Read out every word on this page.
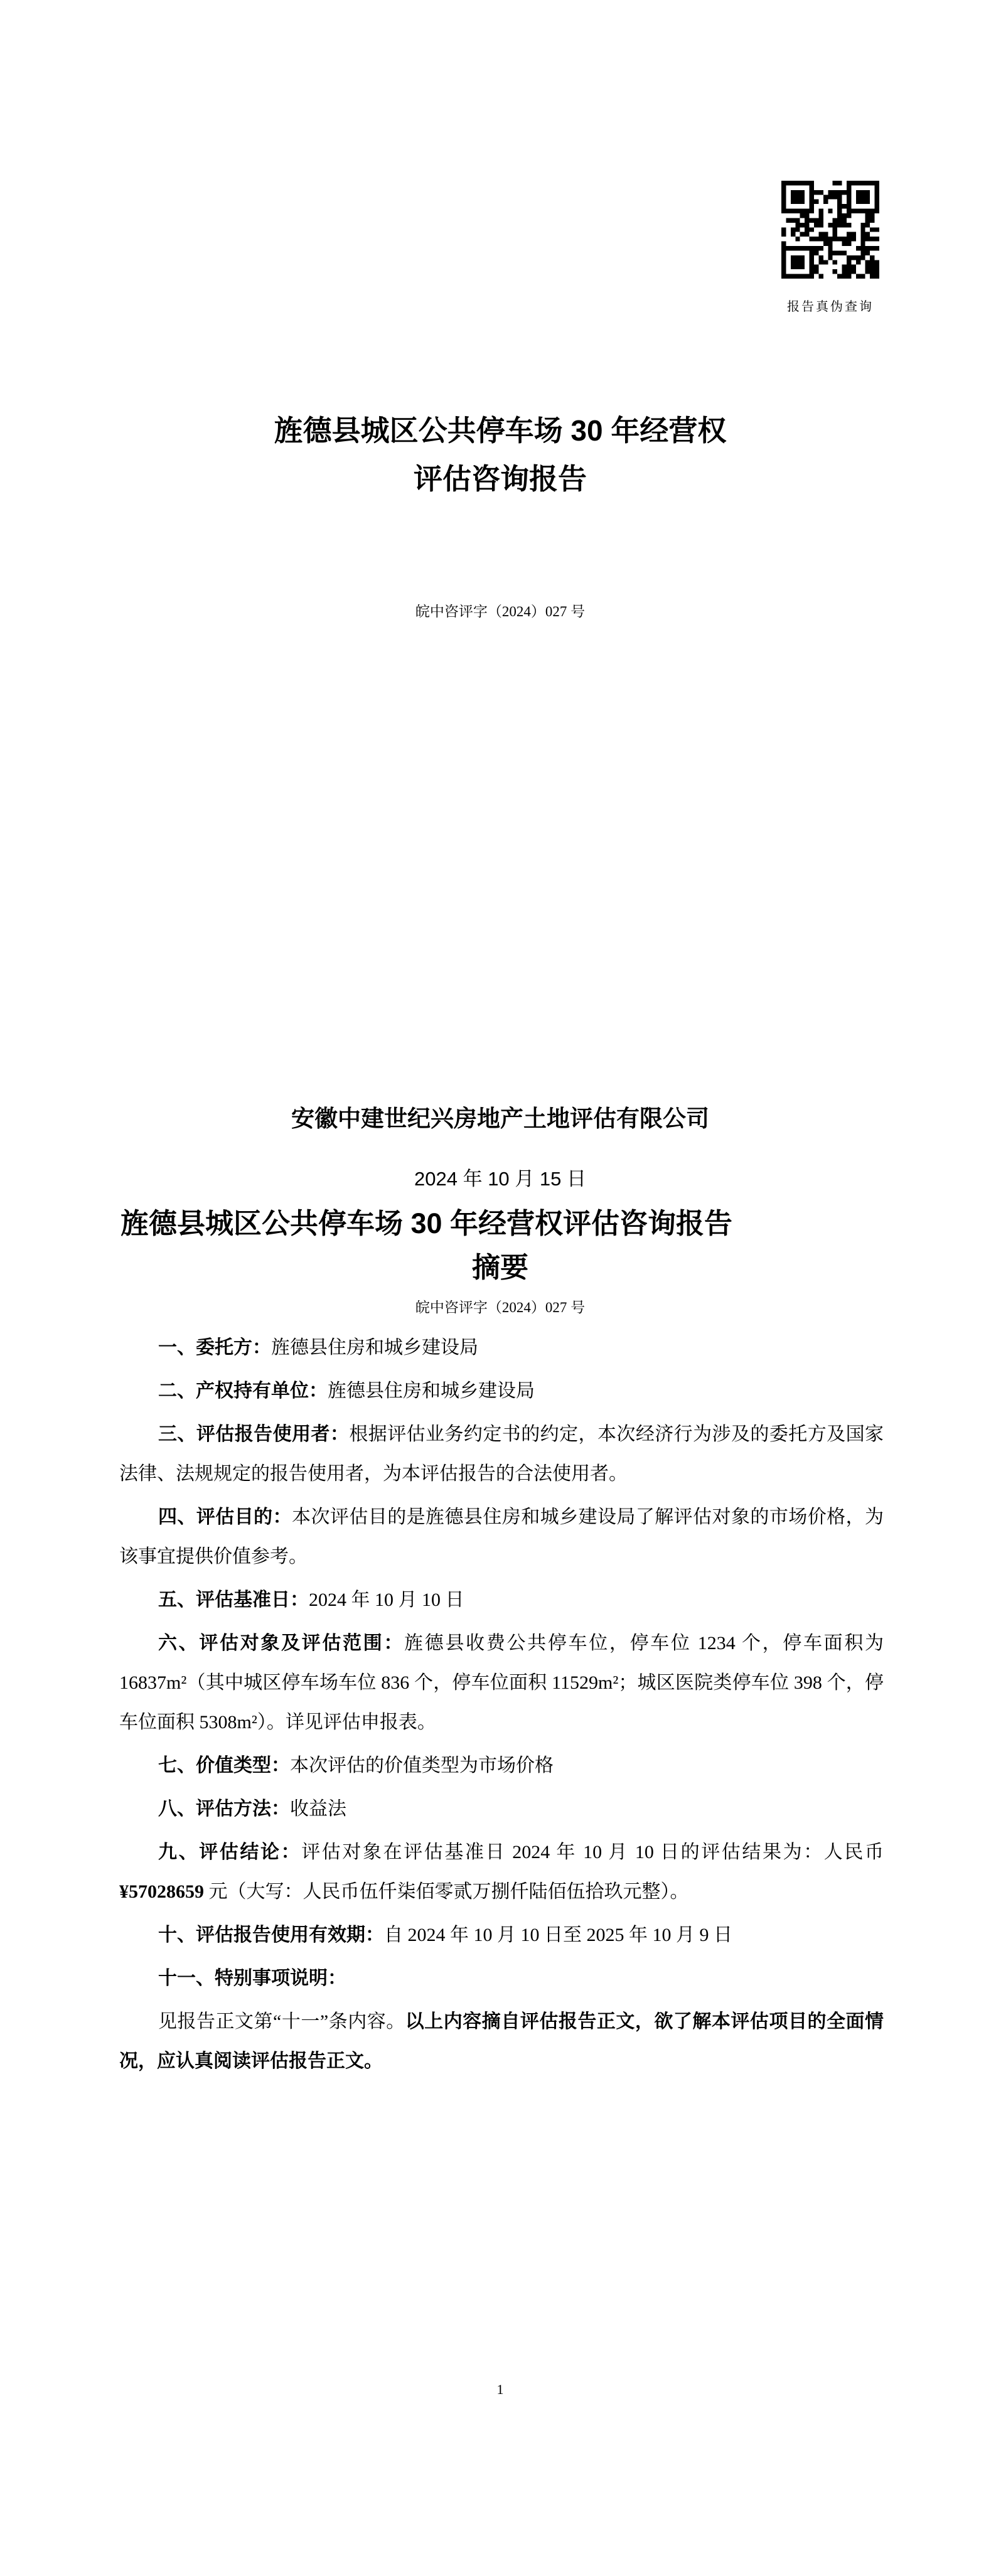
报告真伪查询
旌德县城区公共停车场 30 年经营权
评估咨询报告
皖中咨评字（2024）027 号
安徽中建世纪兴房地产土地评估有限公司
2024 年 10 月 15 日
旌德县城区公共停车场 30 年经营权评估咨询报告
摘要
皖中咨评字（2024）027 号

一、委托方：旌德县住房和城乡建设局

二、产权持有单位：旌德县住房和城乡建设局

三、评估报告使用者：根据评估业务约定书的约定，本次经济行为涉及的委托方及国家法律、法规规定的报告使用者，为本评估报告的合法使用者。

四、评估目的：本次评估目的是旌德县住房和城乡建设局了解评估对象的市场价格，为该事宜提供价值参考。

五、评估基准日：2024 年 10 月 10 日

六、评估对象及评估范围：旌德县收费公共停车位，停车位 1234 个，停车面积为 16837m²（其中城区停车场车位 836 个，停车位面积 11529m²；城区医院类停车位 398 个，停车位面积 5308m²）。详见评估申报表。

七、价值类型：本次评估的价值类型为市场价格

八、评估方法：收益法

九、评估结论：评估对象在评估基准日 2024 年 10 月 10 日的评估结果为：人民币 ¥57028659 元（大写：人民币伍仟柒佰零贰万捌仟陆佰伍拾玖元整）。

十、评估报告使用有效期：自 2024 年 10 月 10 日至 2025 年 10 月 9 日

十一、特别事项说明：

见报告正文第“十一”条内容。以上内容摘自评估报告正文，欲了解本评估项目的全面情况，应认真阅读评估报告正文。

1
